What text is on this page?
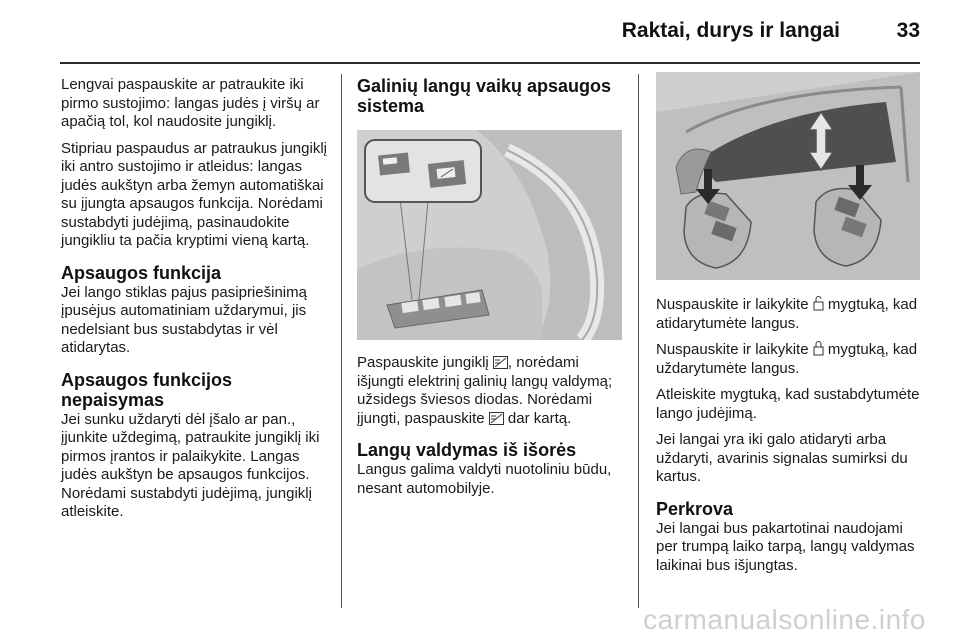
Raktai, durys ir langai	33

Lengvai paspauskite ar patraukite iki pirmo sustojimo: langas judės į viršų ar apačią tol, kol naudosite jungiklį.

Stipriau paspaudus ar patraukus jungiklį iki antro sustojimo ir atleidus: langas judės aukštyn arba žemyn automatiškai su įjungta apsaugos funkcija. Norėdami sustabdyti judėjimą, pasinaudokite jungikliu ta pačia kryptimi vieną kartą.

Apsaugos funkcija

Jei lango stiklas pajus pasipriešinimą įpusėjus automatiniam uždarymui, jis nedelsiant bus sustabdytas ir vėl atidarytas.

Apsaugos funkcijos nepaisymas

Jei sunku uždaryti dėl įšalo ar pan., įjunkite uždegimą, patraukite jungiklį iki pirmos įrantos ir palaikykite. Langas judės aukštyn be apsaugos funkcijos. Norėdami sustabdyti judėjimą, jungiklį atleiskite.

Galinių langų vaikų apsaugos sistema

Paspauskite jungiklį , norėdami išjungti elektrinį galinių langų valdymą; užsidegs šviesos diodas. Norėdami įjungti, paspauskite  dar kartą.

Langų valdymas iš išorės

Langus galima valdyti nuotoliniu būdu, nesant automobilyje.

Nuspauskite ir laikykite mygtuką, kad atidarytumėte langus.

Nuspauskite ir laikykite mygtuką, kad uždarytumėte langus.

Atleiskite mygtuką, kad sustabdytumėte lango judėjimą.

Jei langai yra iki galo atidaryti arba uždaryti, avarinis signalas sumirksi du kartus.

Perkrova

Jei langai bus pakartotinai naudojami per trumpą laiko tarpą, langų valdymas laikinai bus išjungtas.

carmanualsonline.info
